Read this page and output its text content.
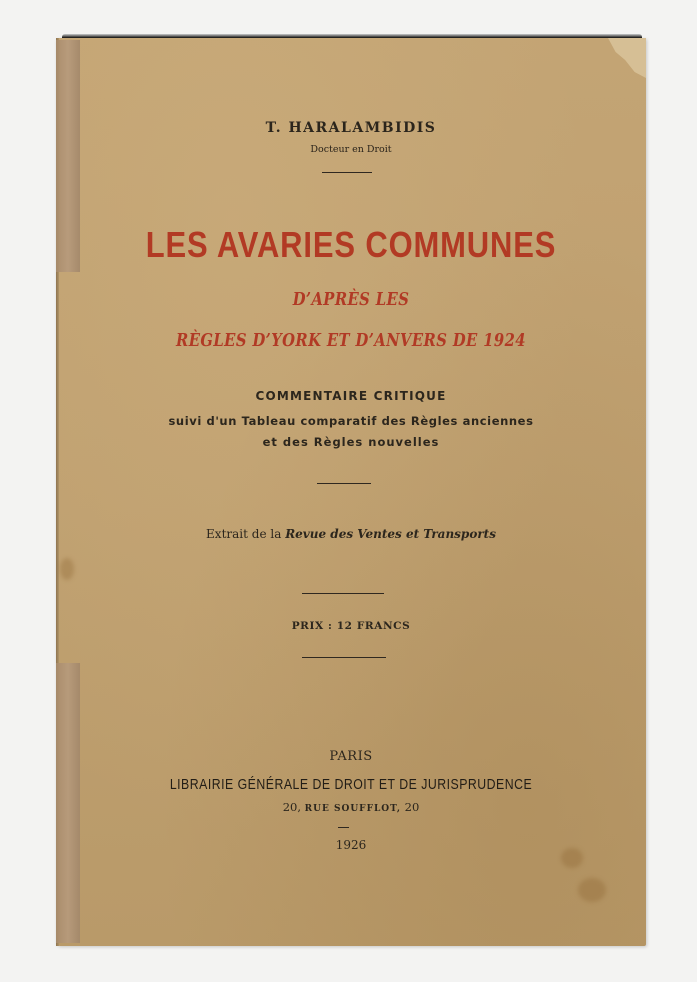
T. HARALAMBIDIS
Docteur en Droit
LES AVARIES COMMUNES
D’APRÈS LES
RÈGLES D’YORK ET D’ANVERS DE 1924
COMMENTAIRE CRITIQUE
suivi d'un Tableau comparatif des Règles anciennes
et des Règles nouvelles
Extrait de la Revue des Ventes et Transports
PRIX : 12 FRANCS
PARIS
LIBRAIRIE GÉNÉRALE DE DROIT ET DE JURISPRUDENCE
20, RUE SOUFFLOT, 20
1926
